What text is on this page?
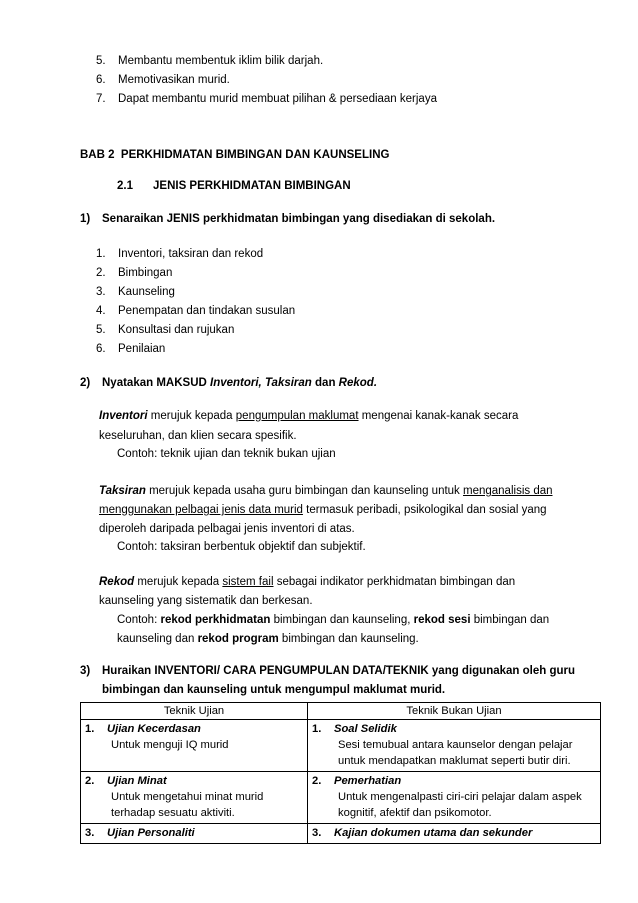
5. Membantu membentuk iklim bilik darjah.
6. Memotivasikan murid.
7. Dapat membantu murid membuat pilihan & persediaan kerjaya
BAB 2 PERKHIDMATAN BIMBINGAN DAN KAUNSELING
2.1 JENIS PERKHIDMATAN BIMBINGAN
1) Senaraikan JENIS perkhidmatan bimbingan yang disediakan di sekolah.
1. Inventori, taksiran dan rekod
2. Bimbingan
3. Kaunseling
4. Penempatan dan tindakan susulan
5. Konsultasi dan rujukan
6. Penilaian
2) Nyatakan MAKSUD Inventori, Taksiran dan Rekod.
Inventori merujuk kepada pengumpulan maklumat mengenai kanak-kanak secara
keseluruhan, dan klien secara spesifik.
Contoh: teknik ujian dan teknik bukan ujian
Taksiran merujuk kepada usaha guru bimbingan dan kaunseling untuk menganalisis dan
menggunakan pelbagai jenis data murid termasuk peribadi, psikologikal dan sosial yang
diperoleh daripada pelbagai jenis inventori di atas.
Contoh: taksiran berbentuk objektif dan subjektif.
Rekod merujuk kepada sistem fail sebagai indikator perkhidmatan bimbingan dan
kaunseling yang sistematik dan berkesan.
Contoh: rekod perkhidmatan bimbingan dan kaunseling, rekod sesi bimbingan dan
kaunseling dan rekod program bimbingan dan kaunseling.
3) Huraikan INVENTORI/ CARA PENGUMPULAN DATA/TEKNIK yang digunakan oleh guru
bimbingan dan kaunseling untuk mengumpul maklumat murid.
Teknik Ujian	Teknik Bukan Ujian
1. Ujian Kecerdasan
Untuk menguji IQ murid	1. Soal Selidik
Sesi temubual antara kaunselor dengan pelajar
untuk mendapatkan maklumat seperti butir diri.

2. Ujian Minat
Untuk mengetahui minat murid
terhadap sesuatu aktiviti.	2. Pemerhatian
Untuk mengenalpasti ciri-ciri pelajar dalam aspek
kognitif, afektif dan psikomotor.

3. Ujian Personaliti	3. Kajian dokumen utama dan sekunder
